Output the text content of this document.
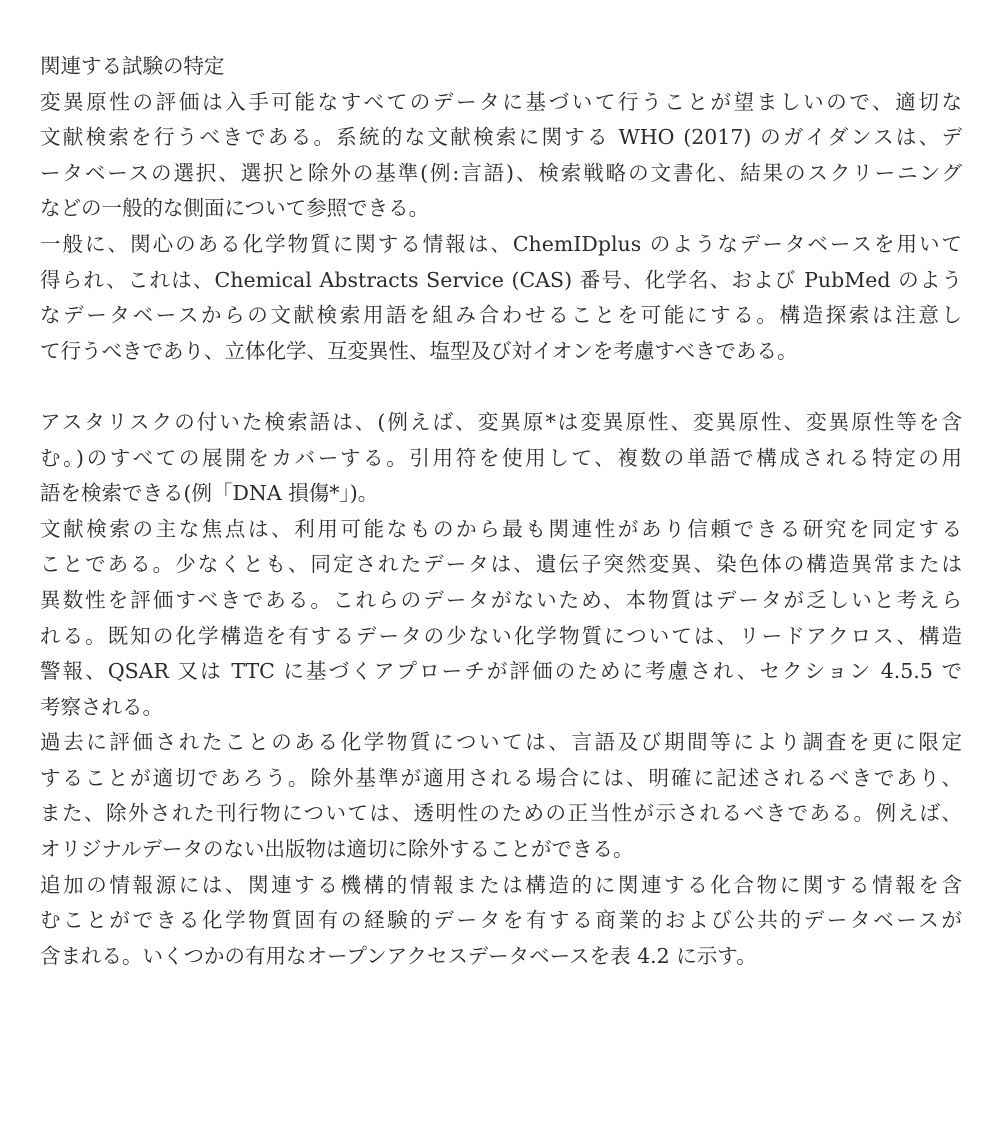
関連する試験の特定
変異原性の評価は入手可能なすべてのデータに基づいて行うことが望ましいので、適切な
文献検索を行うべきである。系統的な文献検索に関する WHO (2017) のガイダンスは、デ
ータベースの選択、選択と除外の基準(例:言語)、検索戦略の文書化、結果のスクリーニング
などの一般的な側面について参照できる。
一般に、関心のある化学物質に関する情報は、ChemIDplus のようなデータベースを用いて
得られ、これは、Chemical Abstracts Service (CAS) 番号、化学名、および PubMed のよう
なデータベースからの文献検索用語を組み合わせることを可能にする。構造探索は注意し
て行うべきであり、立体化学、互変異性、塩型及び対イオンを考慮すべきである。
アスタリスクの付いた検索語は、(例えば、変異原*は変異原性、変異原性、変異原性等を含
む。)のすべての展開をカバーする。引用符を使用して、複数の単語で構成される特定の用
語を検索できる(例「DNA 損傷*」)。
文献検索の主な焦点は、利用可能なものから最も関連性があり信頼できる研究を同定する
ことである。少なくとも、同定されたデータは、遺伝子突然変異、染色体の構造異常または
異数性を評価すべきである。これらのデータがないため、本物質はデータが乏しいと考えら
れる。既知の化学構造を有するデータの少ない化学物質については、リードアクロス、構造
警報、QSAR 又は TTC に基づくアプローチが評価のために考慮され、セクション 4.5.5 で
考察される。
過去に評価されたことのある化学物質については、言語及び期間等により調査を更に限定
することが適切であろう。除外基準が適用される場合には、明確に記述されるべきであり、
また、除外された刊行物については、透明性のための正当性が示されるべきである。例えば、
オリジナルデータのない出版物は適切に除外することができる。
追加の情報源には、関連する機構的情報または構造的に関連する化合物に関する情報を含
むことができる化学物質固有の経験的データを有する商業的および公共的データベースが
含まれる。いくつかの有用なオープンアクセスデータベースを表 4.2 に示す。
